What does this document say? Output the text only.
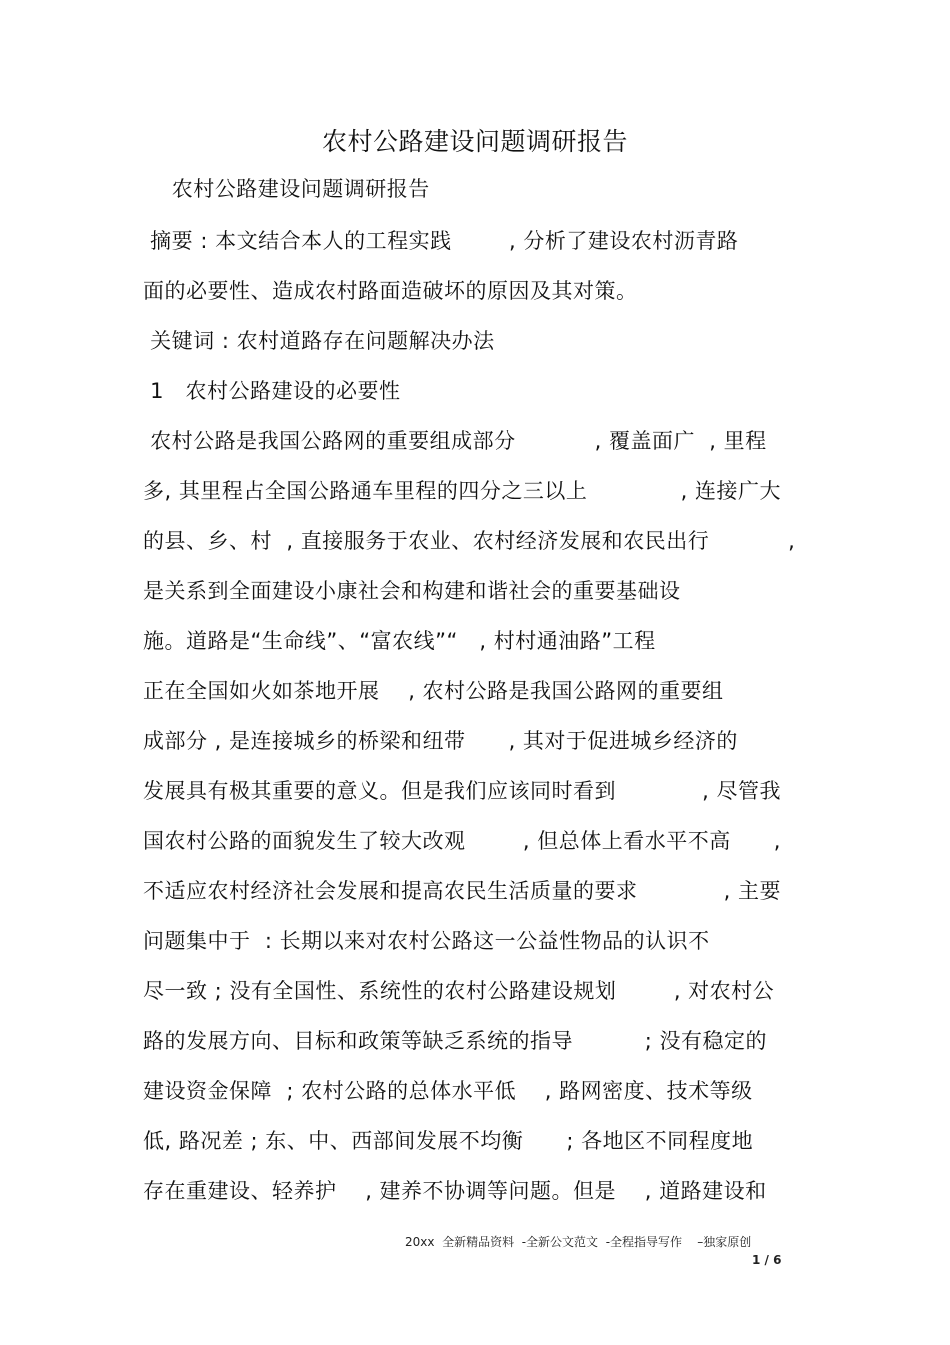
农村公路建设问题调研报告
农村公路建设问题调研报告
摘要 : 本文结合本人的工程实践        , 分析了建设农村沥青路
面的必要性、造成农村路面造破坏的原因及其对策。
关键词 : 农村道路存在问题解决办法
1   农村公路建设的必要性
农村公路是我国公路网的重要组成部分           , 覆盖面广  , 里程
多, 其里程占全国公路通车里程的四分之三以上             , 连接广大
的县、乡、村  , 直接服务于农业、农村经济发展和农民出行           ,
是关系到全面建设小康社会和构建和谐社会的重要基础设
施。道路是“生命线”、“富农线”“   , 村村通油路”工程
正在全国如火如茶地开展    , 农村公路是我国公路网的重要组
成部分 , 是连接城乡的桥梁和纽带      , 其对于促进城乡经济的
发展具有极其重要的意义。但是我们应该同时看到            , 尽管我
国农村公路的面貌发生了较大改观        , 但总体上看水平不高      ,
不适应农村经济社会发展和提高农民生活质量的要求            , 主要
问题集中于  : 长期以来对农村公路这一公益性物品的认识不
尽一致 ; 没有全国性、系统性的农村公路建设规划        , 对农村公
路的发展方向、目标和政策等缺乏系统的指导          ; 没有稳定的
建设资金保障  ; 农村公路的总体水平低    , 路网密度、技术等级
低, 路况差 ; 东、中、西部间发展不均衡      ; 各地区不同程度地
存在重建设、轻养护    , 建养不协调等问题。但是    , 道路建设和
20xx  全新精品资料  -全新公文范文  -全程指导写作    –独家原创
1 / 6
